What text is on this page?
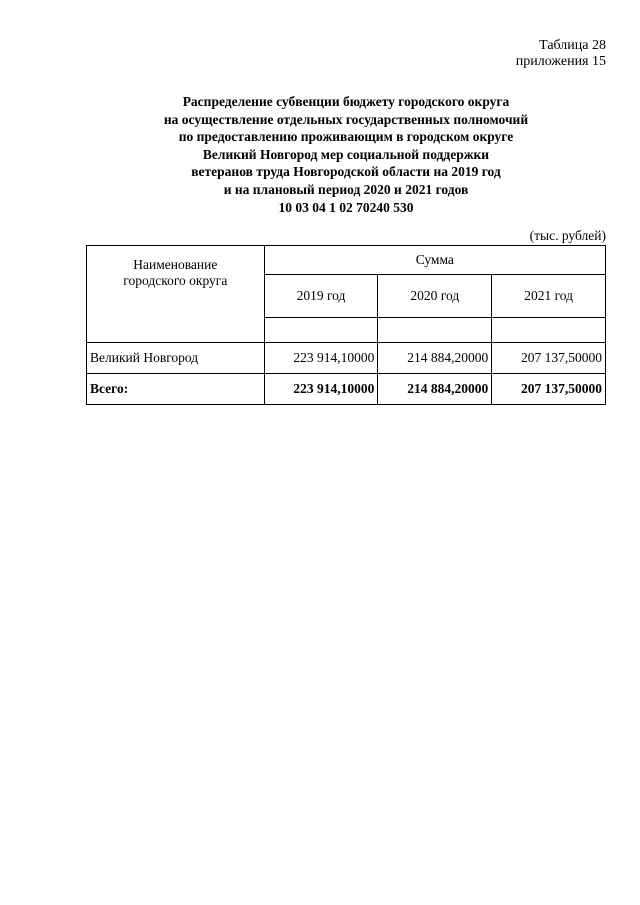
Таблица 28
приложения 15
Распределение субвенции бюджету городского округа
на осуществление отдельных государственных полномочий
по предоставлению проживающим в городском округе
Великий Новгород мер социальной поддержки
ветеранов труда Новгородской области на 2019 год
и на плановый период 2020 и 2021 годов
10 03 04 1 02 70240 530
(тыс. рублей)
Наименование
городского округа	Сумма		
	2019 год	2020 год	2021 год

Великий Новгород	223 914,10000	214 884,20000	207 137,50000
Всего:	223 914,10000	214 884,20000	207 137,50000
